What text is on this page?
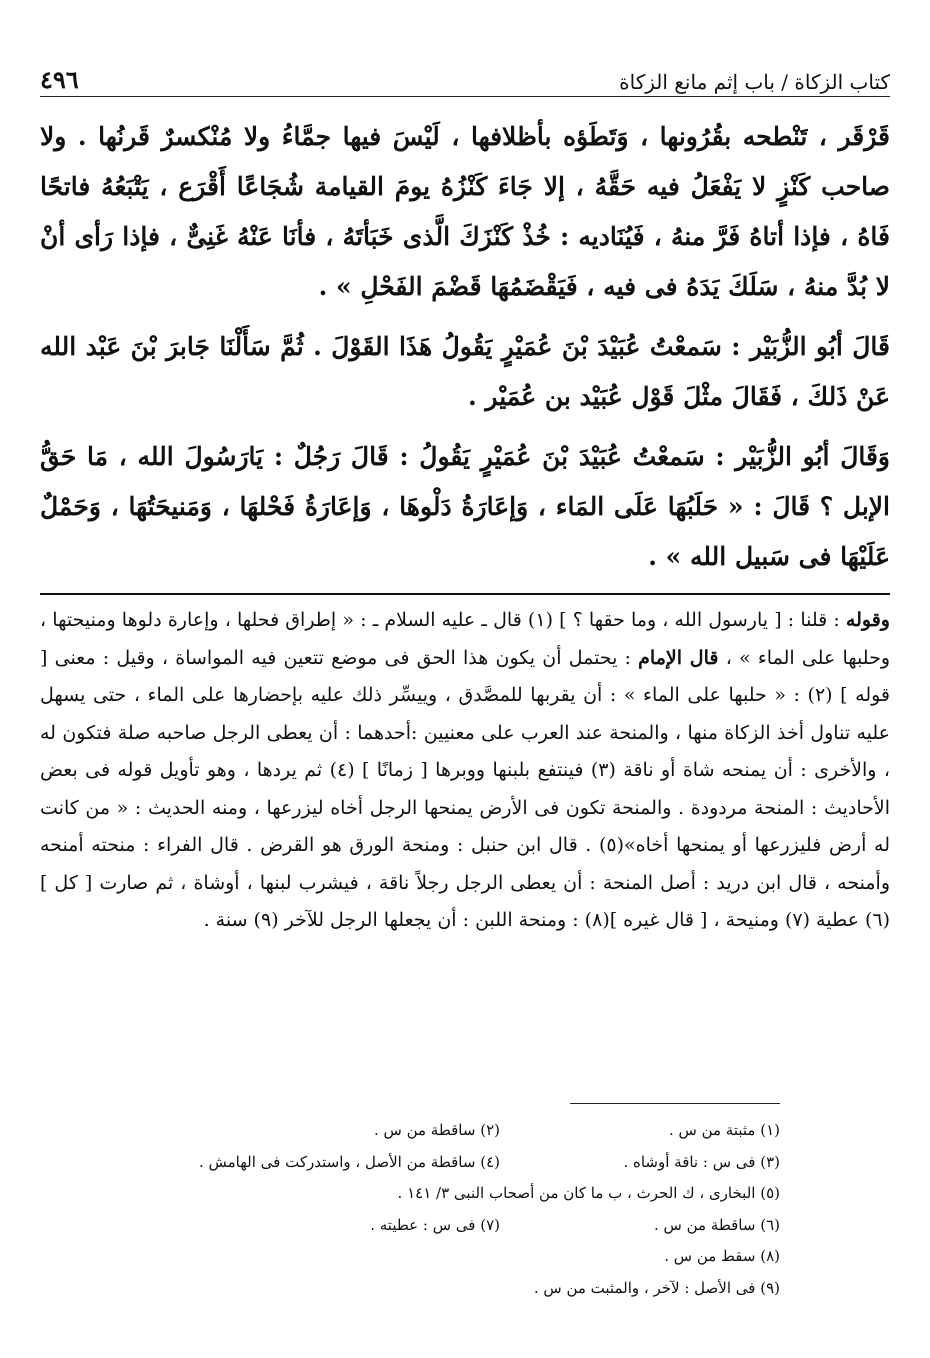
كتاب الزكاة / باب إثم مانع الزكاة
٤٩٦

قَرْقَر ، تَنْطحه بقُرُونها ، وَتَطَؤه بأظلافها ، لَيْسَ فيها جمَّاءُ ولا مُنْكسرٌ قَرنُها . ولا صاحب كَنْزٍ لا يَفْعَلُ فيه حَقَّهُ ، إلا جَاءَ كَنْزُهُ يومَ القيامة شُجَاعًا أَقْرَع ، يَتْبَعُهُ فاتحًا فَاهُ ، فإذا أتاهُ فَرَّ منهُ ، فَيُنَاديه : خُذْ كَنْزَكَ الَّذى خَبَأتَهُ ، فأنَا عَنْهُ غَنِىٌّ ، فإذا رَأى أنْ لا بُدَّ منهُ ، سَلَكَ يَدَهُ فى فيه ، فَيَقْضَمُهَا قَضْمَ الفَحْلِ » .

قَالَ أبُو الزُّبَيْر : سَمعْتُ عُبَيْدَ بْنَ عُمَيْرٍ يَقُولُ هَذَا القَوْلَ . ثُمَّ سَأَلْنَا جَابرَ بْنَ عَبْد الله عَنْ ذَلكَ ، فَقَالَ مثْلَ قَوْل عُبَيْد بن عُمَيْر .

وَقَالَ أبُو الزُّبَيْر : سَمعْتُ عُبَيْدَ بْنَ عُمَيْرٍ يَقُولُ : قَالَ رَجُلٌ : يَارَسُولَ الله ، مَا حَقُّ الإبل ؟ قَالَ : « حَلَبُهَا عَلَى المَاء ، وَإعَارَةُ دَلْوهَا ، وَإعَارَةُ فَحْلهَا ، وَمَنيحَتُهَا ، وَحَمْلٌ عَلَيْهَا فى سَبيل الله » .

وقوله : قلنا : [ يارسول الله ، وما حقها ؟ ] (١) قال ـ عليه السلام ـ : « إطراق فحلها ، وإعارة دلوها ومنيحتها ، وحلبها على الماء » ، قال الإمام : يحتمل أن يكون هذا الحق فى موضع تتعين فيه المواساة ، وقيل : معنى [ قوله ] (٢) : « حلبها على الماء » : أن يقربها للمصَّدق ، وييسِّر ذلك عليه بإحضارها على الماء ، حتى يسهل عليه تناول أخذ الزكاة منها ، والمنحة عند العرب على معنيين :أحدهما : أن يعطى الرجل صاحبه صلة فتكون له ، والأخرى : أن يمنحه شاة أو ناقة (٣) فينتفع بلبنها ووبرها [ زمانًا ] (٤) ثم يردها ، وهو تأويل قوله فى بعض الأحاديث : المنحة مردودة . والمنحة تكون فى الأرض يمنحها الرجل أخاه ليزرعها ، ومنه الحديث : « من كانت له أرض فليزرعها أو يمنحها أخاه»(٥) . قال ابن حنبل : ومنحة الورق هو القرض . قال الفراء : منحته أمنحه وأمنحه ، قال ابن دريد : أصل المنحة : أن يعطى الرجل رجلاً ناقة ، فيشرب لبنها ، أوشاة ، ثم صارت [ كل ] (٦) عطية (٧) ومنيحة ، [ قال غيره ](٨) : ومنحة اللبن : أن يجعلها الرجل للآخر (٩) سنة .

(١) مثبتة من س .
(٢) ساقطة من س .
(٣) فى س : ناقة أوشاه .
(٤) ساقطة من الأصل ، واستدركت فى الهامش .
(٥) البخارى ، ك الحرث ، ب ما كان من أصحاب النبى ٣/ ١٤١ .
(٦) ساقطة من س .
(٧) فى س : عطيته .
(٨) سقط من س .
(٩) فى الأصل : لآخر ، والمثبت من س .
